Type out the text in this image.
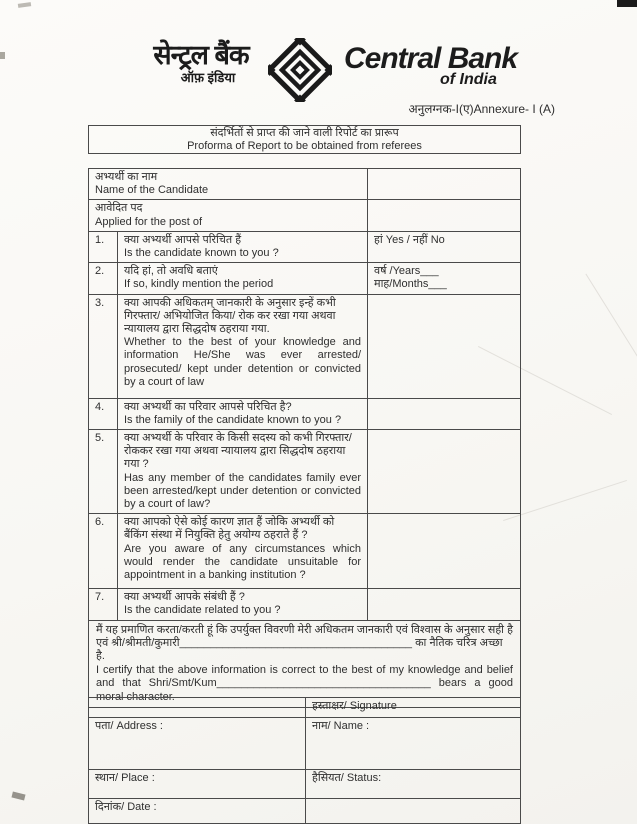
सेन्ट्रल बैंक
ऑफ़ इंडिया
Central Bank
of India
अनुलग्नक-I(ए)Annexure- I (A)
संदर्भितों से प्राप्त की जाने वाली रिपोर्ट का प्रारूप
Proforma of Report to be obtained from referees
अभ्यर्थी का नाम
Name of the Candidate
आवेदित पद
Applied for the post of
1.	क्या अभ्यर्थी आपसे परिचित हैं
Is the candidate known to you ?
हां Yes / नहीं No
2.	यदि हां, तो अवधि बताएं
If so, kindly mention the period
वर्ष /Years___ माह/Months___
3.	क्या आपकी अधिकतम् जानकारी के अनुसार इन्हें कभी गिरफ्तार/ अभियोजित किया/ रोक कर रखा गया अथवा न्यायालय द्वारा सिद्धदोष ठहराया गया.
Whether to the best of your knowledge and information He/She was ever arrested/ prosecuted/ kept under detention or convicted by a court of law
4.	क्या अभ्यर्थी का परिवार आपसे परिचित है?
Is the family of the candidate known to you ?
5.	क्या अभ्यर्थी के परिवार के किसी सदस्य को कभी गिरफ्तार/ रोककर रखा गया अथवा न्यायालय द्वारा सिद्धदोष ठहराया गया ?
Has any member of the candidates family ever been arrested/kept under detention or convicted by a court of law?
6.	क्या आपको ऐसे कोई कारण ज्ञात हैं जोकि अभ्यर्थी को बैंकिंग संस्था में नियुक्ति हेतु अयोग्य ठहराते हैं ?
Are you aware of any circumstances which would render the candidate unsuitable for appointment in a banking institution ?
7.	क्या अभ्यर्थी आपके संबंधी हैं ?
Is the candidate related to you ?
मैं यह प्रमाणित करता/करती हूं कि उपर्युक्त विवरणी मेरी अधिकतम जानकारी एवं विश्वास के अनुसार सही है एवं श्री/श्रीमती/कुमारी______________________________________ का नैतिक चरित्र अच्छा है.
I certify that the above information is correct to the best of my knowledge and belief and that Shri/Smt/Kum___________________________________ bears a good moral character.
हस्ताक्षर/ Signature
पता/ Address :	नाम/ Name :
स्थान/ Place :	हैसियत/ Status:
दिनांक/ Date :
